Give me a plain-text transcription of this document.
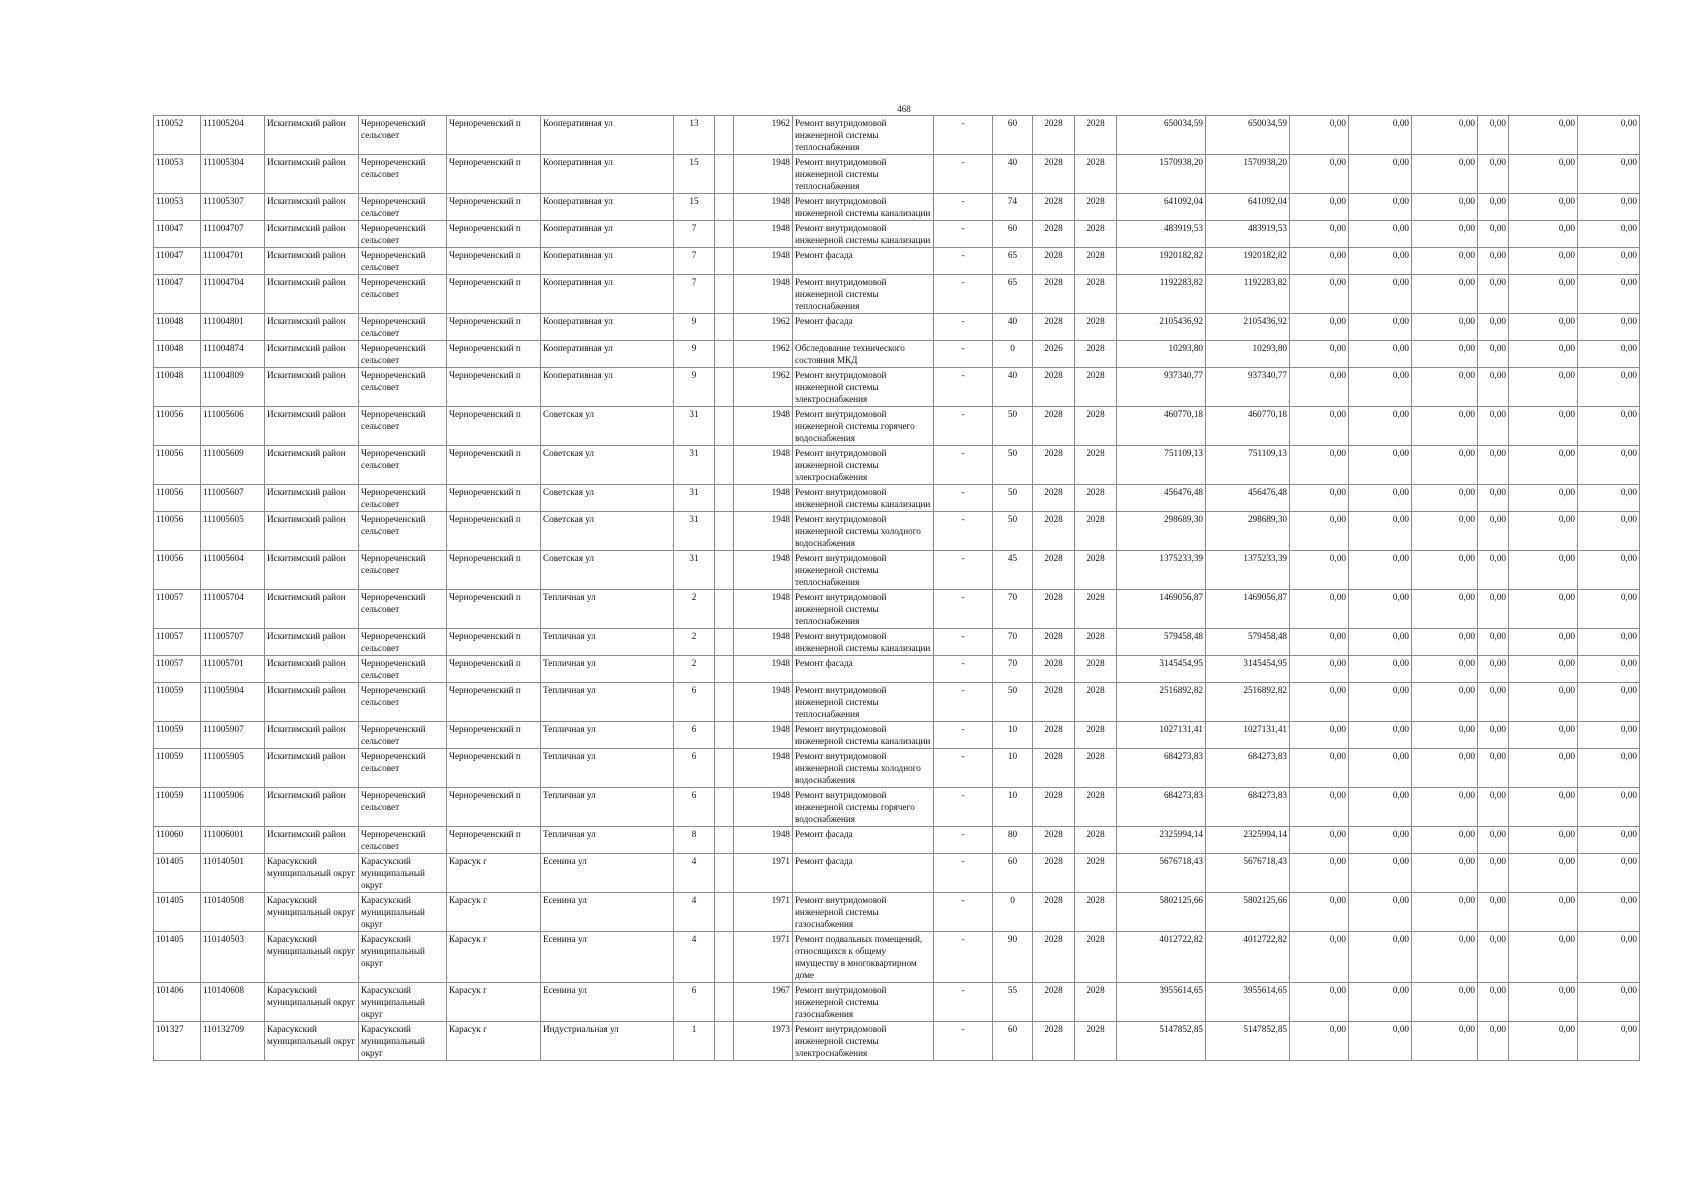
468
110052	111005204	Искитимский район	Чернореченский сельсовет	Чернореченский п	Кооперативная ул	13		1962	Ремонт внутридомовой инженерной системы теплоснабжения	-	60	2028	2028	650034,59	650034,59	0,00	0,00	0,00	0,00	0,00	0,00
110053	111005304	Искитимский район	Чернореченский сельсовет	Чернореченский п	Кооперативная ул	15		1948	Ремонт внутридомовой инженерной системы теплоснабжения	-	40	2028	2028	1570938,20	1570938,20	0,00	0,00	0,00	0,00	0,00	0,00
110053	111005307	Искитимский район	Чернореченский сельсовет	Чернореченский п	Кооперативная ул	15		1948	Ремонт внутридомовой инженерной системы канализации	-	74	2028	2028	641092,04	641092,04	0,00	0,00	0,00	0,00	0,00	0,00
110047	111004707	Искитимский район	Чернореченский сельсовет	Чернореченский п	Кооперативная ул	7		1948	Ремонт внутридомовой инженерной системы канализации	-	60	2028	2028	483919,53	483919,53	0,00	0,00	0,00	0,00	0,00	0,00
110047	111004701	Искитимский район	Чернореченский сельсовет	Чернореченский п	Кооперативная ул	7		1948	Ремонт фасада	-	65	2028	2028	1920182,82	1920182,82	0,00	0,00	0,00	0,00	0,00	0,00
110047	111004704	Искитимский район	Чернореченский сельсовет	Чернореченский п	Кооперативная ул	7		1948	Ремонт внутридомовой инженерной системы теплоснабжения	-	65	2028	2028	1192283,82	1192283,82	0,00	0,00	0,00	0,00	0,00	0,00
110048	111004801	Искитимский район	Чернореченский сельсовет	Чернореченский п	Кооперативная ул	9		1962	Ремонт фасада	-	40	2028	2028	2105436,92	2105436,92	0,00	0,00	0,00	0,00	0,00	0,00
110048	111004874	Искитимский район	Чернореченский сельсовет	Чернореченский п	Кооперативная ул	9		1962	Обследование технического состояния МКД	-	0	2026	2028	10293,80	10293,80	0,00	0,00	0,00	0,00	0,00	0,00
110048	111004809	Искитимский район	Чернореченский сельсовет	Чернореченский п	Кооперативная ул	9		1962	Ремонт внутридомовой инженерной системы электроснабжения	-	40	2028	2028	937340,77	937340,77	0,00	0,00	0,00	0,00	0,00	0,00
110056	111005606	Искитимский район	Чернореченский сельсовет	Чернореченский п	Советская ул	31		1948	Ремонт внутридомовой инженерной системы горячего водоснабжения	-	50	2028	2028	460770,18	460770,18	0,00	0,00	0,00	0,00	0,00	0,00
110056	111005609	Искитимский район	Чернореченский сельсовет	Чернореченский п	Советская ул	31		1948	Ремонт внутридомовой инженерной системы электроснабжения	-	50	2028	2028	751109,13	751109,13	0,00	0,00	0,00	0,00	0,00	0,00
110056	111005607	Искитимский район	Чернореченский сельсовет	Чернореченский п	Советская ул	31		1948	Ремонт внутридомовой инженерной системы канализации	-	50	2028	2028	456476,48	456476,48	0,00	0,00	0,00	0,00	0,00	0,00
110056	111005605	Искитимский район	Чернореченский сельсовет	Чернореченский п	Советская ул	31		1948	Ремонт внутридомовой инженерной системы холодного водоснабжения	-	50	2028	2028	298689,30	298689,30	0,00	0,00	0,00	0,00	0,00	0,00
110056	111005604	Искитимский район	Чернореченский сельсовет	Чернореченский п	Советская ул	31		1948	Ремонт внутридомовой инженерной системы теплоснабжения	-	45	2028	2028	1375233,39	1375233,39	0,00	0,00	0,00	0,00	0,00	0,00
110057	111005704	Искитимский район	Чернореченский сельсовет	Чернореченский п	Тепличная ул	2		1948	Ремонт внутридомовой инженерной системы теплоснабжения	-	70	2028	2028	1469056,87	1469056,87	0,00	0,00	0,00	0,00	0,00	0,00
110057	111005707	Искитимский район	Чернореченский сельсовет	Чернореченский п	Тепличная ул	2		1948	Ремонт внутридомовой инженерной системы канализации	-	70	2028	2028	579458,48	579458,48	0,00	0,00	0,00	0,00	0,00	0,00
110057	111005701	Искитимский район	Чернореченский сельсовет	Чернореченский п	Тепличная ул	2		1948	Ремонт фасада	-	70	2028	2028	3145454,95	3145454,95	0,00	0,00	0,00	0,00	0,00	0,00
110059	111005904	Искитимский район	Чернореченский сельсовет	Чернореченский п	Тепличная ул	6		1948	Ремонт внутридомовой инженерной системы теплоснабжения	-	50	2028	2028	2516892,82	2516892,82	0,00	0,00	0,00	0,00	0,00	0,00
110059	111005907	Искитимский район	Чернореченский сельсовет	Чернореченский п	Тепличная ул	6		1948	Ремонт внутридомовой инженерной системы канализации	-	10	2028	2028	1027131,41	1027131,41	0,00	0,00	0,00	0,00	0,00	0,00
110059	111005905	Искитимский район	Чернореченский сельсовет	Чернореченский п	Тепличная ул	6		1948	Ремонт внутридомовой инженерной системы холодного водоснабжения	-	10	2028	2028	684273,83	684273,83	0,00	0,00	0,00	0,00	0,00	0,00
110059	111005906	Искитимский район	Чернореченский сельсовет	Чернореченский п	Тепличная ул	6		1948	Ремонт внутридомовой инженерной системы горячего водоснабжения	-	10	2028	2028	684273,83	684273,83	0,00	0,00	0,00	0,00	0,00	0,00
110060	111006001	Искитимский район	Чернореченский сельсовет	Чернореченский п	Тепличная ул	8		1948	Ремонт фасада	-	80	2028	2028	2325994,14	2325994,14	0,00	0,00	0,00	0,00	0,00	0,00
101405	110140501	Карасукский муниципальный округ	Карасукский муниципальный округ	Карасук г	Есенина ул	4		1971	Ремонт фасада	-	60	2028	2028	5676718,43	5676718,43	0,00	0,00	0,00	0,00	0,00	0,00
101405	110140508	Карасукский муниципальный округ	Карасукский муниципальный округ	Карасук г	Есенина ул	4		1971	Ремонт внутридомовой инженерной системы газоснабжения	-	0	2028	2028	5802125,66	5802125,66	0,00	0,00	0,00	0,00	0,00	0,00
101405	110140503	Карасукский муниципальный округ	Карасукский муниципальный округ	Карасук г	Есенина ул	4		1971	Ремонт подвальных помещений, относящихся к общему имуществу в многоквартирном доме	-	90	2028	2028	4012722,82	4012722,82	0,00	0,00	0,00	0,00	0,00	0,00
101406	110140608	Карасукский муниципальный округ	Карасукский муниципальный округ	Карасук г	Есенина ул	6		1967	Ремонт внутридомовой инженерной системы газоснабжения	-	55	2028	2028	3955614,65	3955614,65	0,00	0,00	0,00	0,00	0,00	0,00
101327	110132709	Карасукский муниципальный округ	Карасукский муниципальный округ	Карасук г	Индустриальная ул	1		1973	Ремонт внутридомовой инженерной системы электроснабжения	-	60	2028	2028	5147852,85	5147852,85	0,00	0,00	0,00	0,00	0,00	0,00
